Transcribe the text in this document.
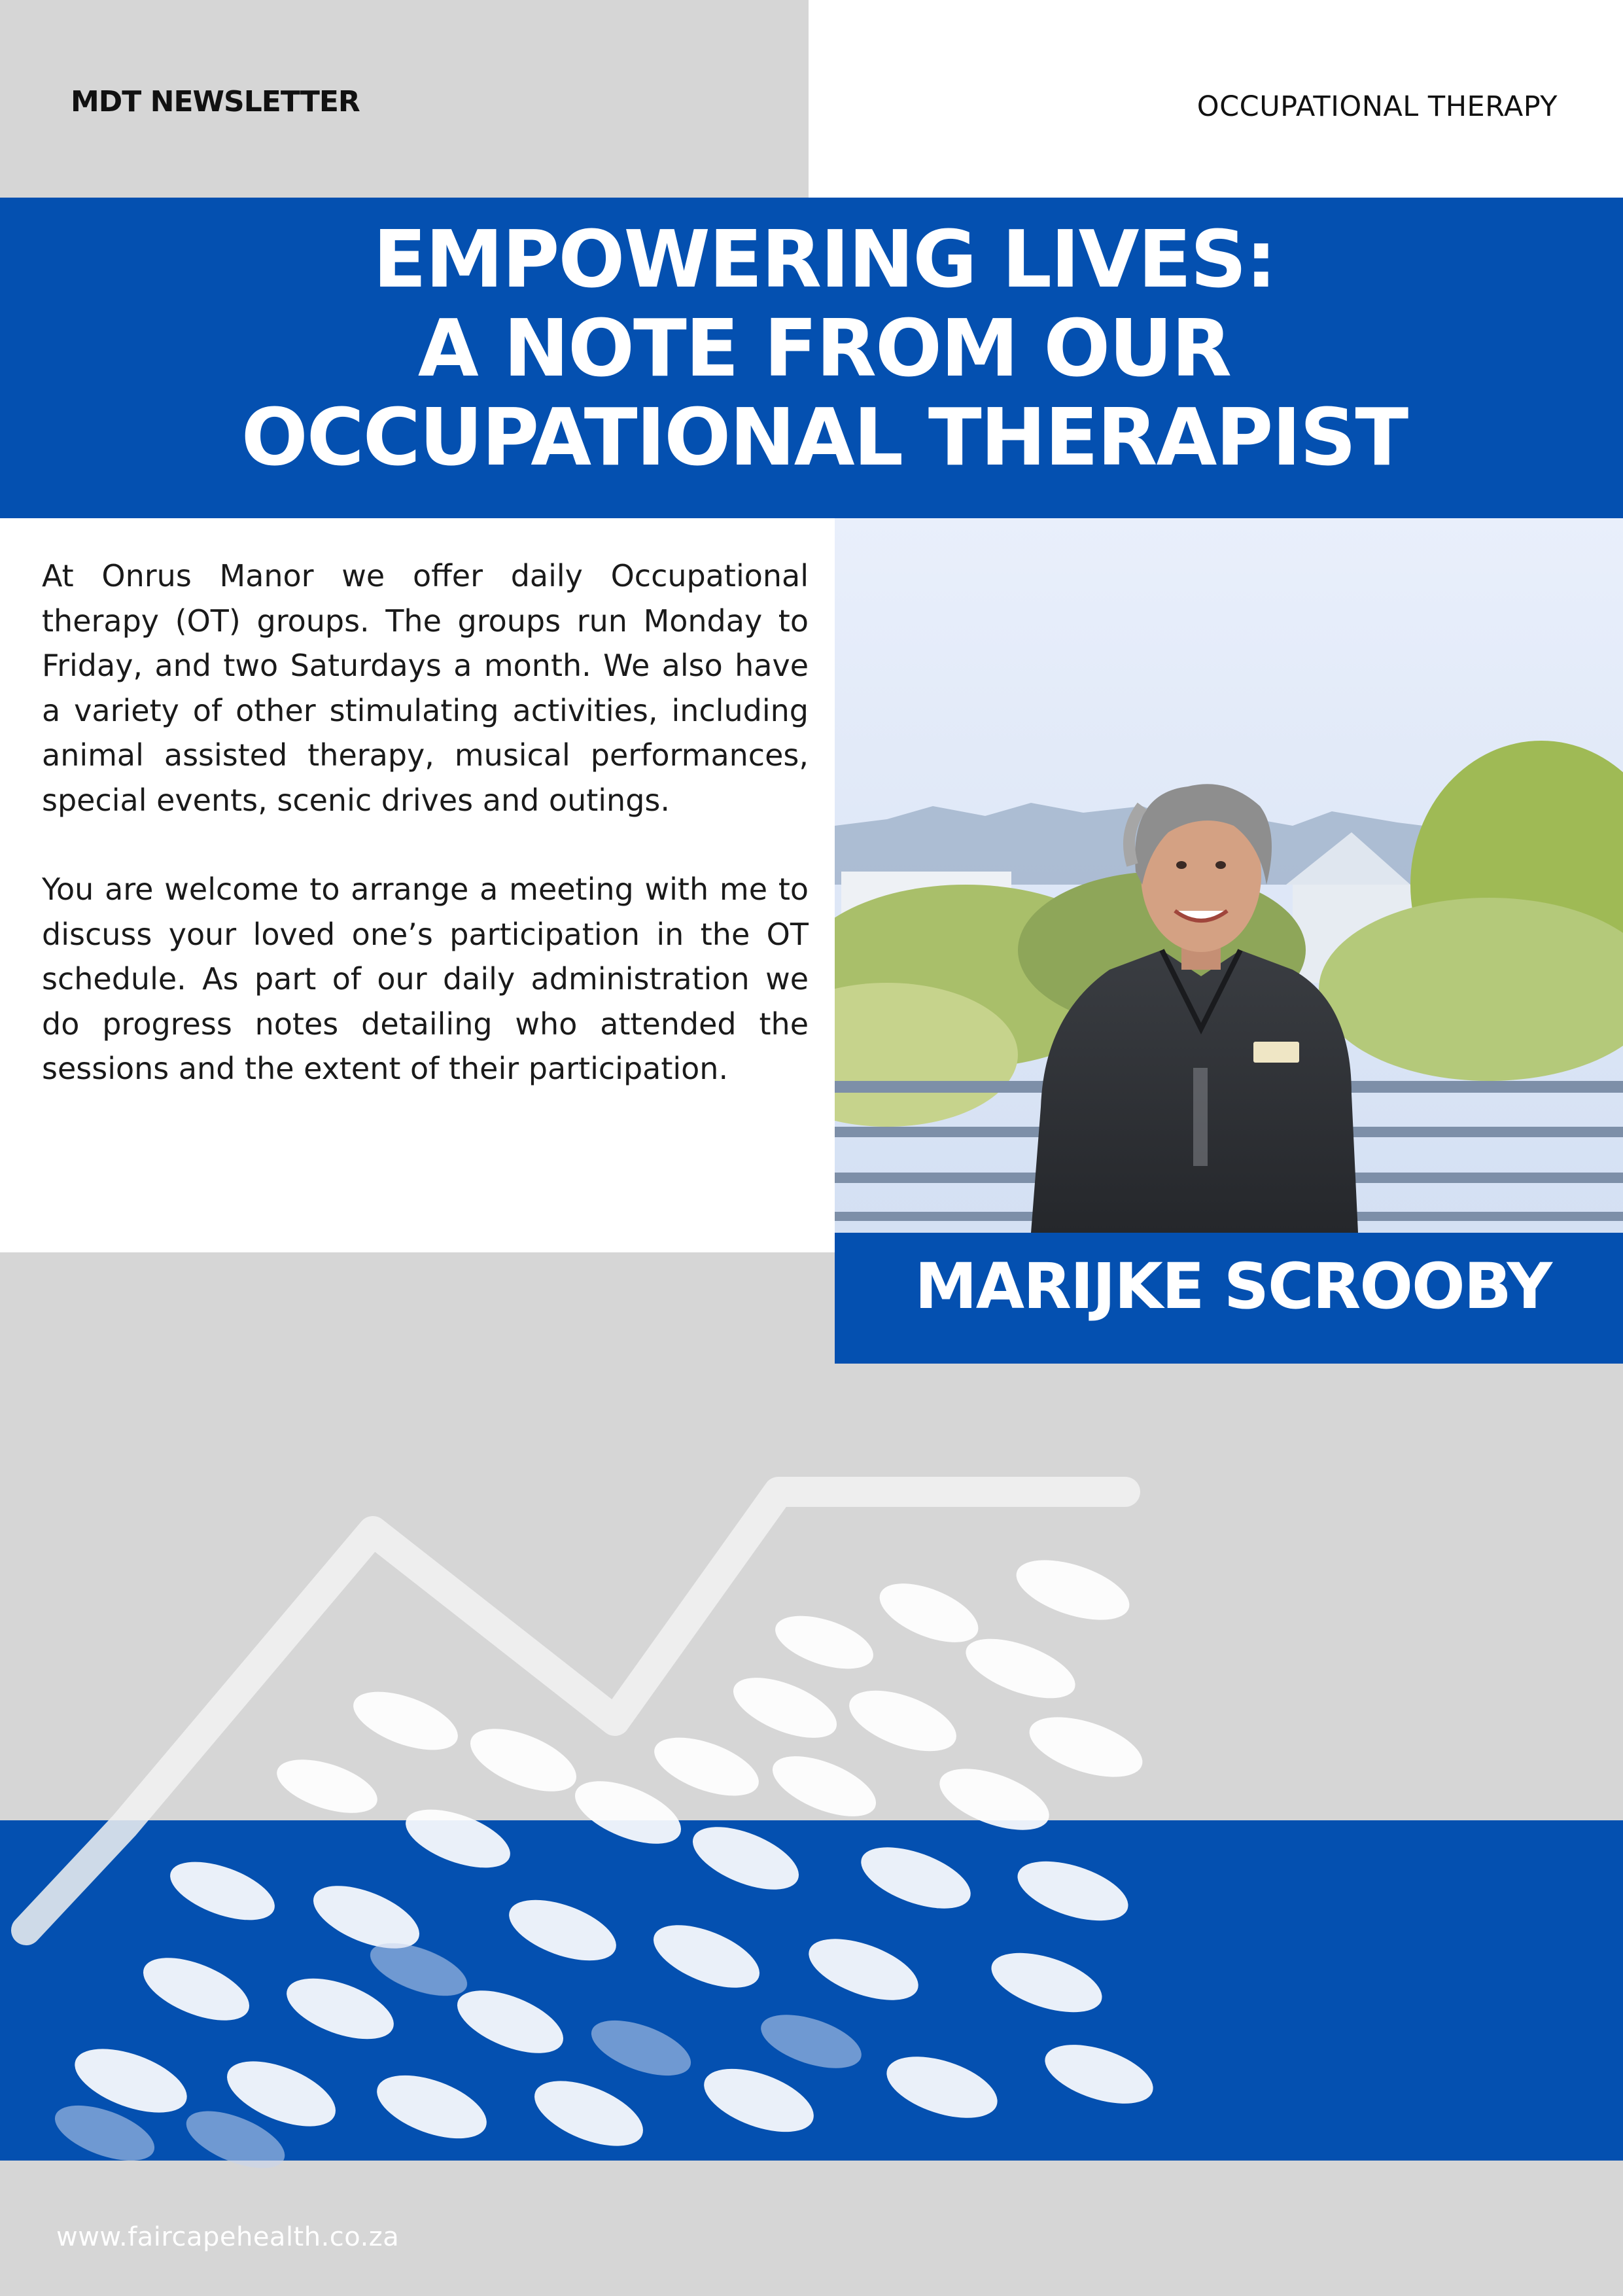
MDT NEWSLETTER	OCCUPATIONAL THERAPY
EMPOWERING LIVES:
A NOTE FROM OUR
OCCUPATIONAL THERAPIST

At Onrus Manor we offer daily Occupational therapy (OT) groups. The groups run Monday to Friday, and two Saturdays a month. We also have a variety of other stimulating activities, including animal assisted therapy, musical performances, special events, scenic drives and outings.

You are welcome to arrange a meeting with me to discuss your loved one’s participation in the OT schedule. As part of our daily administration we do progress notes detailing who attended the sessions and the extent of their participation.

MARIJKE SCROOBY
www.faircapehealth.co.za
